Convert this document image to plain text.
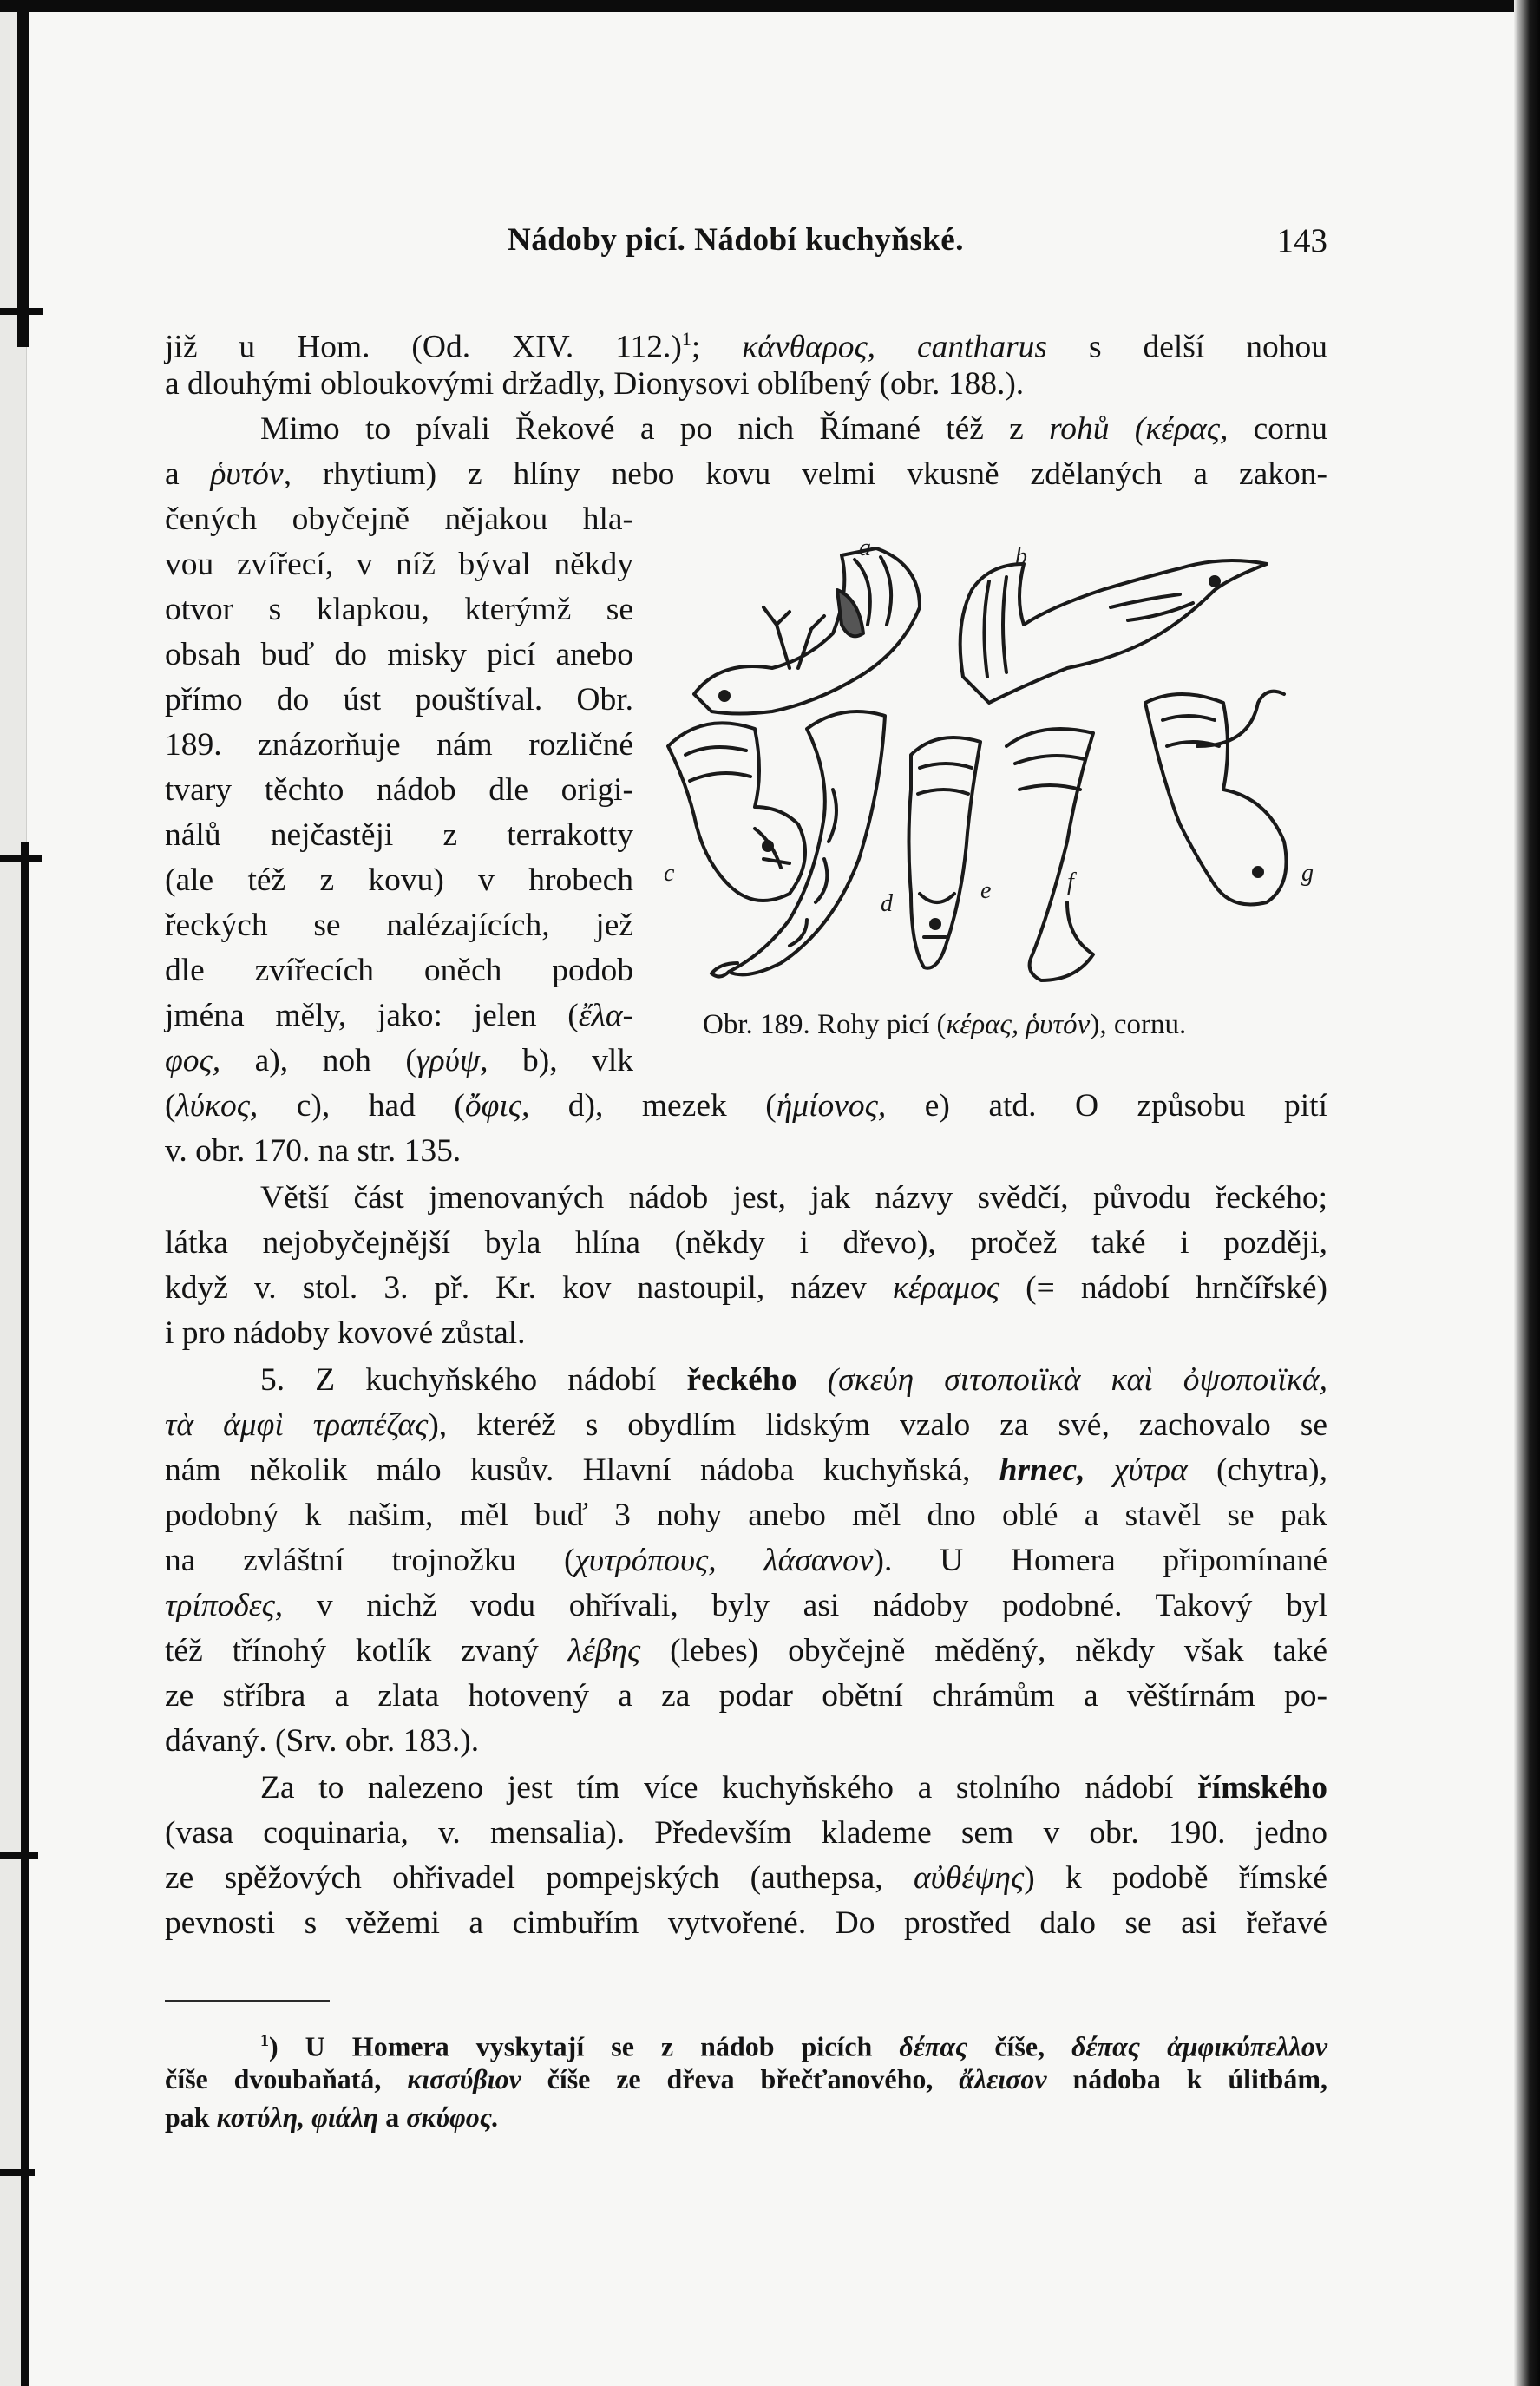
Nádoby picí. Nádobí kuchyňské.	143
již u Hom. (Od. XIV. 112.)$^1$; κάνθαρος, cantharus s delší nohou
a dlouhými obloukovými držadly, Dionysovi oblíbený (obr. 188.).
Mimo to pívali Řekové a po nich Římané též z rohů (κέρας, cornu
a ῥυτόν, rhytium) z hlíny nebo kovu velmi vkusně zdělaných a zakon-
čených obyčejně nějakou hla-
vou zvířecí, v níž býval někdy
otvor s klapkou, kterýmž se
obsah buď do misky picí anebo
přímo do úst pouštíval. Obr.
189. znázorňuje nám rozličné
tvary těchto nádob dle origi-
nálů nejčastěji z terrakotty
(ale též z kovu) v hrobech
řeckých se nalézajících, jež
dle zvířecích oněch podob
jména měly, jako: jelen (ἔλα-
φος, a), noh (γρύψ, b), vlk
(λύκος, c), had (ὄφις, d), mezek (ἡμίονος, e) atd. O způsobu pití
v. obr. 170. na str. 135.
a	b
c
d	e	f	g
Obr. 189. Rohy picí (κέρας, ῥυτόν), cornu.
Větší část jmenovaných nádob jest, jak názvy svědčí, původu řeckého;
látka nejobyčejnější byla hlína (někdy i dřevo), pročež také i později,
když v. stol. 3. př. Kr. kov nastoupil, název κέραμος (= nádobí hrnčířské)
i pro nádoby kovové zůstal.
5. Z kuchyňského nádobí řeckého (σκεύη σιτοποιϊκὰ καὶ ὀψοποιϊκά,
τὰ ἀμφὶ τραπέζας), kteréž s obydlím lidským vzalo za své, zachovalo se
nám několik málo kusův. Hlavní nádoba kuchyňská, hrnec, χύτρα (chytra),
podobný k našim, měl buď 3 nohy anebo měl dno oblé a stavěl se pak
na zvláštní trojnožku (χυτρόπους, λάσανον). U Homera připomínané
τρίποδες, v nichž vodu ohřívali, byly asi nádoby podobné. Takový byl
též třínohý kotlík zvaný λέβης (lebes) obyčejně měděný, někdy však také
ze stříbra a zlata hotovený a za podar obětní chrámům a věštírnám po-
dávaný. (Srv. obr. 183.).
Za to nalezeno jest tím více kuchyňského a stolního nádobí římského
(vasa coquinaria, v. mensalia). Především klademe sem v obr. 190. jedno
ze spěžových ohřivadel pompejských (authepsa, αὐθέψης) k podobě římské
pevnosti s věžemi a cimbuřím vytvořené. Do prostřed dalo se asi řeřavé
$^1$) U Homera vyskytají se z nádob picích δέπας číše, δέπας ἀμφικύπελλον
číše dvoubaňatá, κισσύβιον číše ze dřeva břečťanového, ἄλεισον nádoba k úlitbám,
pak κοτύλη, φιάλη a σκύφος.
